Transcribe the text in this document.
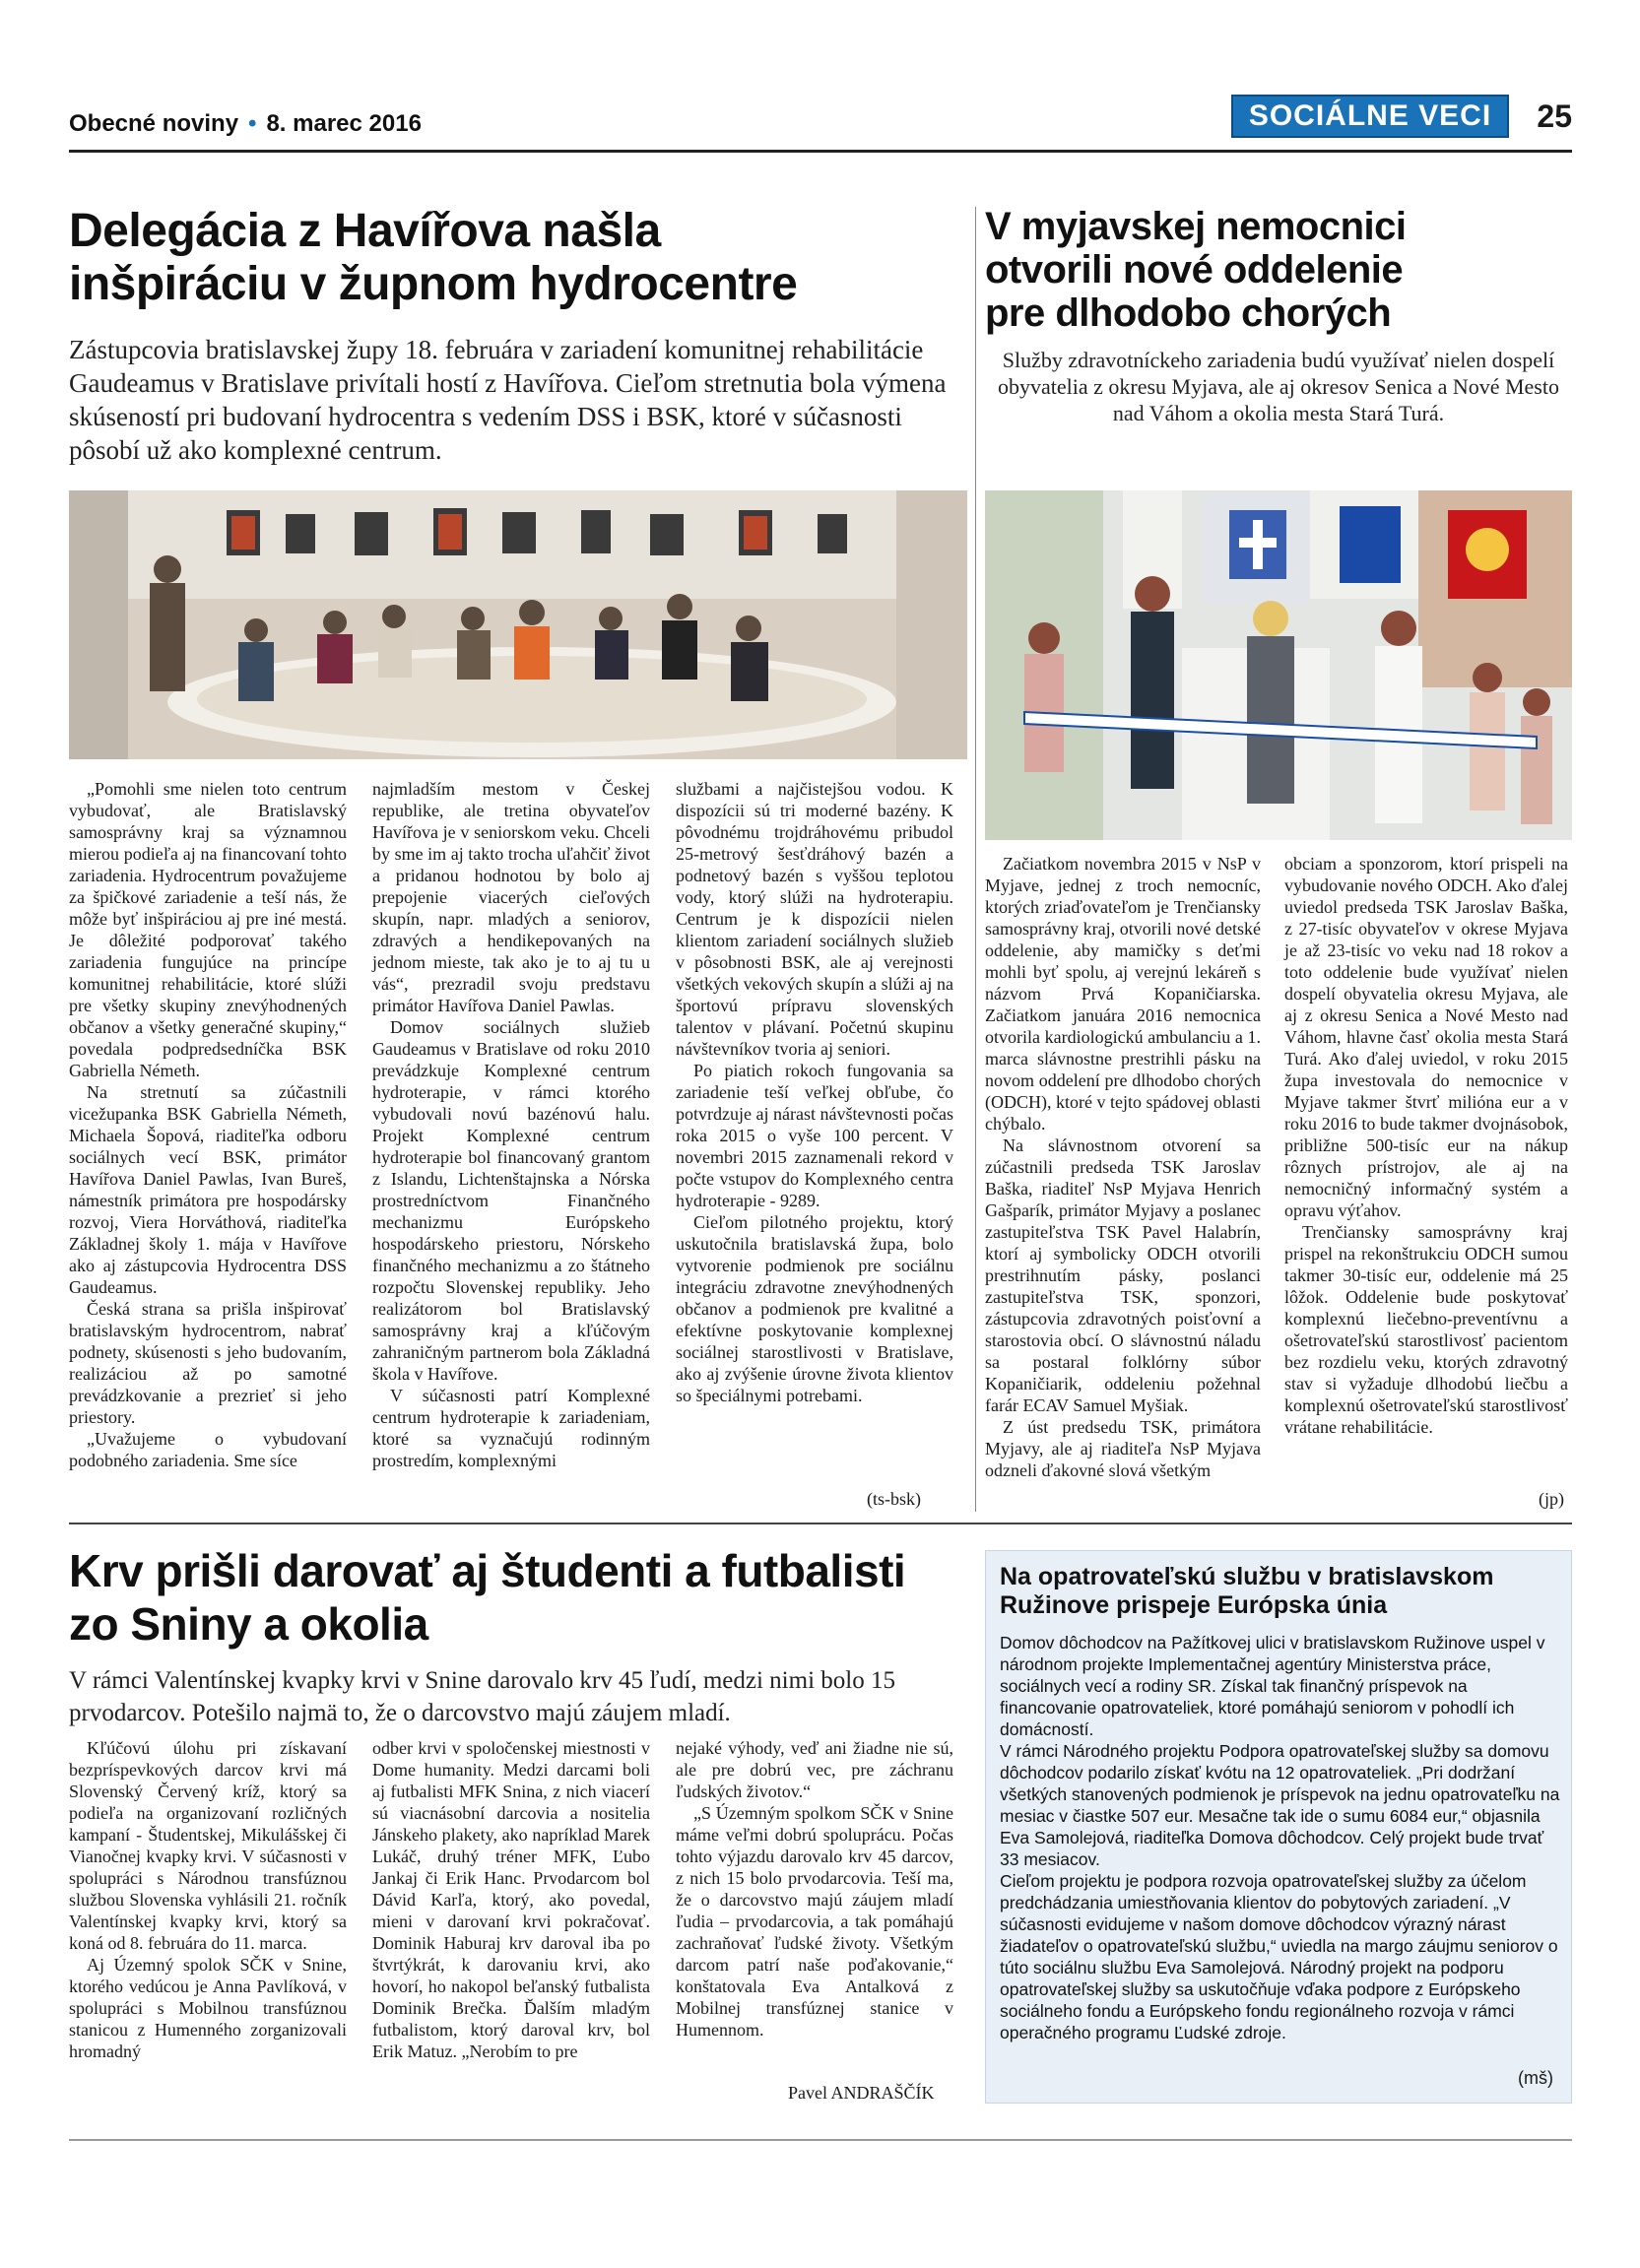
Obecné noviny • 8. marec 2016	SOCIÁLNE VECI	25
Delegácia z Havířova našla
inšpiráciu v župnom hydrocentre
Zástupcovia bratislavskej župy 18. februára v zariadení komunitnej rehabilitácie Gaudeamus v Bratislave privítali hostí z Havířova. Cieľom stretnutia bola výmena skúseností pri budovaní hydrocentra s vedením DSS i BSK, ktoré v súčasnosti pôsobí už ako komplexné centrum.

„Pomohli sme nielen toto centrum vybudovať, ale Bratislavský samosprávny kraj sa významnou mierou podieľa aj na financovaní tohto zariadenia. Hydrocentrum považujeme za špičkové zariadenie a teší nás, že môže byť inšpiráciou aj pre iné mestá. Je dôležité podporovať takého zariadenia fungujúce na princípe komunitnej rehabilitácie, ktoré slúži pre všetky skupiny znevýhodnených občanov a všetky generačné skupiny,“ povedala podpredsedníčka BSK Gabriella Németh.

Na stretnutí sa zúčastnili vicežupanka BSK Gabriella Németh, Michaela Šopová, riaditeľka odboru sociálnych vecí BSK, primátor Havířova Daniel Pawlas, Ivan Bureš, námestník primátora pre hospodársky rozvoj, Viera Horváthová, riaditeľka Základnej školy 1. mája v Havířove ako aj zástupcovia Hydrocentra DSS Gaudeamus.

Česká strana sa prišla inšpirovať bratislavským hydrocentrom, nabrať podnety, skúsenosti s jeho budovaním, realizáciou až po samotné prevádzkovanie a prezrieť si jeho priestory.

„Uvažujeme o vybudovaní podobného zariadenia. Sme síce

najmladším mestom v Českej republike, ale tretina obyvateľov Havířova je v seniorskom veku. Chceli by sme im aj takto trocha uľahčiť život a pridanou hodnotou by bolo aj prepojenie viacerých cieľových skupín, napr. mladých a seniorov, zdravých a hendikepovaných na jednom mieste, tak ako je to aj tu u vás“, prezradil svoju predstavu primátor Havířova Daniel Pawlas.

Domov sociálnych služieb Gaudeamus v Bratislave od roku 2010 prevádzkuje Komplexné centrum hydroterapie, v rámci ktorého vybudovali novú bazénovú halu. Projekt Komplexné centrum hydroterapie bol financovaný grantom z Islandu, Lichtenštajnska a Nórska prostredníctvom Finančného mechanizmu Európskeho hospodárskeho priestoru, Nórskeho finančného mechanizmu a zo štátneho rozpočtu Slovenskej republiky. Jeho realizátorom bol Bratislavský samosprávny kraj a kľúčovým zahraničným partnerom bola Základná škola v Havířove.

V súčasnosti patrí Komplexné centrum hydroterapie k zariadeniam, ktoré sa vyznačujú rodinným prostredím, komplexnými

službami a najčistejšou vodou. K dispozícii sú tri moderné bazény. K pôvodnému trojdráhovému pribudol 25-metrový šesťdráhový bazén a podnetový bazén s vyššou teplotou vody, ktorý slúži na hydroterapiu. Centrum je k dispozícii nielen klientom zariadení sociálnych služieb v pôsobnosti BSK, ale aj verejnosti všetkých vekových skupín a slúži aj na športovú prípravu slovenských talentov v plávaní. Početnú skupinu návštevníkov tvoria aj seniori.

Po piatich rokoch fungovania sa zariadenie teší veľkej obľube, čo potvrdzuje aj nárast návštevnosti počas roka 2015 o vyše 100 percent. V novembri 2015 zaznamenali rekord v počte vstupov do Komplexného centra hydroterapie - 9289.

Cieľom pilotného projektu, ktorý uskutočnila bratislavská župa, bolo vytvorenie podmienok pre sociálnu integráciu zdravotne znevýhodnených občanov a podmienok pre kvalitné a efektívne poskytovanie komplexnej sociálnej starostlivosti v Bratislave, ako aj zvýšenie úrovne života klientov so špeciálnymi potrebami.

(ts-bsk)
V myjavskej nemocnici
otvorili nové oddelenie
pre dlhodobo chorých
Služby zdravotníckeho zariadenia budú využívať nielen dospelí obyvatelia z okresu Myjava, ale aj okresov Senica a Nové Mesto nad Váhom a okolia mesta Stará Turá.

Začiatkom novembra 2015 v NsP v Myjave, jednej z troch nemocníc, ktorých zriaďovateľom je Trenčiansky samosprávny kraj, otvorili nové detské oddelenie, aby mamičky s deťmi mohli byť spolu, aj verejnú lekáreň s názvom Prvá Kopaničiarska. Začiatkom januára 2016 nemocnica otvorila kardiologickú ambulanciu a 1. marca slávnostne prestrihli pásku na novom oddelení pre dlhodobo chorých (ODCH), ktoré v tejto spádovej oblasti chýbalo.

Na slávnostnom otvorení sa zúčastnili predseda TSK Jaroslav Baška, riaditeľ NsP Myjava Henrich Gašparík, primátor Myjavy a poslanec zastupiteľstva TSK Pavel Halabrín, ktorí aj symbolicky ODCH otvorili prestrihnutím pásky, poslanci zastupiteľstva TSK, sponzori, zástupcovia zdravotných poisťovní a starostovia obcí. O slávnostnú náladu sa postaral folklórny súbor Kopaničiarik, oddeleniu požehnal farár ECAV Samuel Myšiak.

Z úst predsedu TSK, primátora Myjavy, ale aj riaditeľa NsP Myjava odzneli ďakovné slová všetkým

obciam a sponzorom, ktorí prispeli na vybudovanie nového ODCH. Ako ďalej uviedol predseda TSK Jaroslav Baška, z 27-tisíc obyvateľov v okrese Myjava je až 23-tisíc vo veku nad 18 rokov a toto oddelenie bude využívať nielen dospelí obyvatelia okresu Myjava, ale aj z okresu Senica a Nové Mesto nad Váhom, hlavne časť okolia mesta Stará Turá. Ako ďalej uviedol, v roku 2015 župa investovala do nemocnice v Myjave takmer štvrť milióna eur a v roku 2016 to bude takmer dvojnásobok, približne 500-tisíc eur na nákup rôznych prístrojov, ale aj na nemocničný informačný systém a opravu výťahov.

Trenčiansky samosprávny kraj prispel na rekonštrukciu ODCH sumou takmer 30-tisíc eur, oddelenie má 25 lôžok. Oddelenie bude poskytovať komplexnú liečebno-preventívnu a ošetrovateľskú starostlivosť pacientom bez rozdielu veku, ktorých zdravotný stav si vyžaduje dlhodobú liečbu a komplexnú ošetrovateľskú starostlivosť vrátane rehabilitácie.

(jp)
Krv prišli darovať aj študenti a futbalisti
zo Sniny a okolia
V rámci Valentínskej kvapky krvi v Snine darovalo krv 45 ľudí, medzi nimi bolo 15 prvodarcov. Potešilo najmä to, že o darcovstvo majú záujem mladí.

Kľúčovú úlohu pri získavaní bezpríspevkových darcov krvi má Slovenský Červený kríž, ktorý sa podieľa na organizovaní rozličných kampaní - Študentskej, Mikulášskej či Vianočnej kvapky krvi. V súčasnosti v spolupráci s Národnou transfúznou službou Slovenska vyhlásili 21. ročník Valentínskej kvapky krvi, ktorý sa koná od 8. februára do 11. marca.

Aj Územný spolok SČK v Snine, ktorého vedúcou je Anna Pavlíková, v spolupráci s Mobilnou transfúznou stanicou z Humenného zorganizovali hromadný

odber krvi v spoločenskej miestnosti v Dome humanity. Medzi darcami boli aj futbalisti MFK Snina, z nich viacerí sú viacnásobní darcovia a nositelia Jánskeho plakety, ako napríklad Marek Lukáč, druhý tréner MFK, Ľubo Jankaj či Erik Hanc. Prvodarcom bol Dávid Karľa, ktorý, ako povedal, mieni v darovaní krvi pokračovať. Dominik Haburaj krv daroval iba po štvrtýkrát, k darovaniu krvi, ako hovorí, ho nakopol beľanský futbalista Dominik Brečka. Ďalším mladým futbalistom, ktorý daroval krv, bol Erik Matuz. „Nerobím to pre

nejaké výhody, veď ani žiadne nie sú, ale pre dobrú vec, pre záchranu ľudských životov.“

„S Územným spolkom SČK v Snine máme veľmi dobrú spoluprácu. Počas tohto výjazdu darovalo krv 45 darcov, z nich 15 bolo prvodarcovia. Teší ma, že o darcovstvo majú záujem mladí ľudia – prvodarcovia, a tak pomáhajú zachraňovať ľudské životy. Všetkým darcom patrí naše poďakovanie,“ konštatovala Eva Antalková z Mobilnej transfúznej stanice v Humennom.

Pavel ANDRAŠČÍK
Na opatrovateľskú službu v bratislavskom Ružinove prispeje Európska únia

Domov dôchodcov na Pažítkovej ulici v bratislavskom Ružinove uspel v národnom projekte Implementačnej agentúry Ministerstva práce, sociálnych vecí a rodiny SR. Získal tak finančný príspevok na financovanie opatrovateliek, ktoré pomáhajú seniorom v pohodlí ich domácností.

V rámci Národného projektu Podpora opatrovateľskej služby sa domovu dôchodcov podarilo získať kvótu na 12 opatrovateliek. „Pri dodržaní všetkých stanovených podmienok je príspevok na jednu opatrovateľku na mesiac v čiastke 507 eur. Mesačne tak ide o sumu 6084 eur,“ objasnila Eva Samolejová, riaditeľka Domova dôchodcov. Celý projekt bude trvať 33 mesiacov.

Cieľom projektu je podpora rozvoja opatrovateľskej služby za účelom predchádzania umiestňovania klientov do pobytových zariadení. „V súčasnosti evidujeme v našom domove dôchodcov výrazný nárast žiadateľov o opatrovateľskú službu,“ uviedla na margo záujmu seniorov o túto sociálnu službu Eva Samolejová. Národný projekt na podporu opatrovateľskej služby sa uskutočňuje vďaka podpore z Európskeho sociálneho fondu a Európskeho fondu regionálneho rozvoja v rámci operačného programu Ľudské zdroje.

(mš)
